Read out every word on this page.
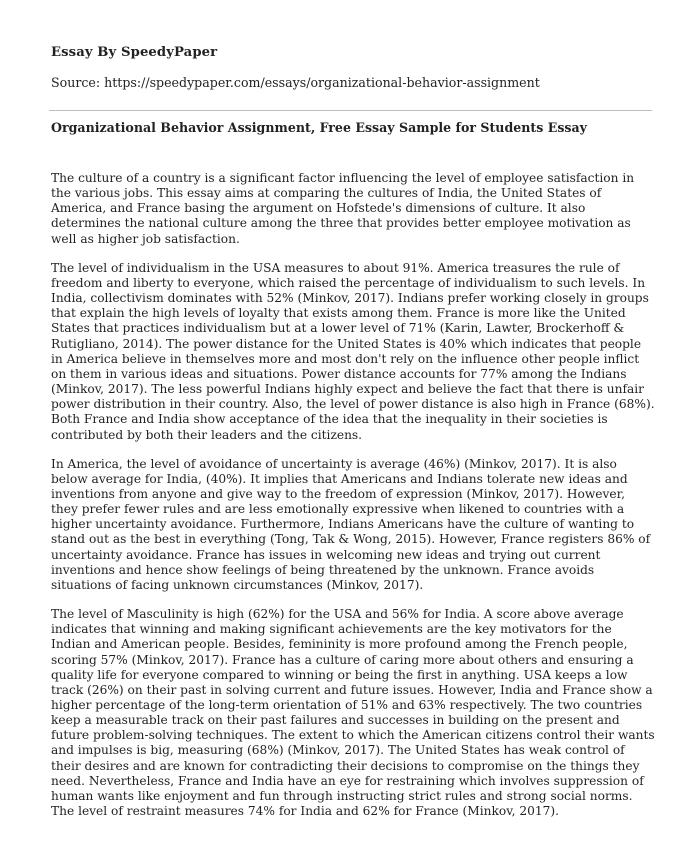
Essay By SpeedyPaper
Source: https://speedypaper.com/essays/organizational-behavior-assignment
Organizational Behavior Assignment, Free Essay Sample for Students Essay

The culture of a country is a significant factor influencing the level of employee satisfaction in the various jobs. This essay aims at comparing the cultures of India, the United States of America, and France basing the argument on Hofstede's dimensions of culture. It also determines the national culture among the three that provides better employee motivation as well as higher job satisfaction.

The level of individualism in the USA measures to about 91%. America treasures the rule of freedom and liberty to everyone, which raised the percentage of individualism to such levels. In India, collectivism dominates with 52% (Minkov, 2017). Indians prefer working closely in groups that explain the high levels of loyalty that exists among them. France is more like the United States that practices individualism but at a lower level of 71% (Karin, Lawter, Brockerhoff & Rutigliano, 2014). The power distance for the United States is 40% which indicates that people in America believe in themselves more and most don't rely on the influence other people inflict on them in various ideas and situations. Power distance accounts for 77% among the Indians (Minkov, 2017). The less powerful Indians highly expect and believe the fact that there is unfair power distribution in their country. Also, the level of power distance is also high in France (68%). Both France and India show acceptance of the idea that the inequality in their societies is contributed by both their leaders and the citizens.

In America, the level of avoidance of uncertainty is average (46%) (Minkov, 2017). It is also below average for India, (40%). It implies that Americans and Indians tolerate new ideas and inventions from anyone and give way to the freedom of expression (Minkov, 2017). However, they prefer fewer rules and are less emotionally expressive when likened to countries with a higher uncertainty avoidance. Furthermore, Indians Americans have the culture of wanting to stand out as the best in everything (Tong, Tak & Wong, 2015). However, France registers 86% of uncertainty avoidance. France has issues in welcoming new ideas and trying out current inventions and hence show feelings of being threatened by the unknown. France avoids situations of facing unknown circumstances (Minkov, 2017).

The level of Masculinity is high (62%) for the USA and 56% for India. A score above average indicates that winning and making significant achievements are the key motivators for the Indian and American people. Besides, femininity is more profound among the French people, scoring 57% (Minkov, 2017). France has a culture of caring more about others and ensuring a quality life for everyone compared to winning or being the first in anything. USA keeps a low track (26%) on their past in solving current and future issues. However, India and France show a higher percentage of the long-term orientation of 51% and 63% respectively. The two countries keep a measurable track on their past failures and successes in building on the present and future problem-solving techniques. The extent to which the American citizens control their wants and impulses is big, measuring (68%) (Minkov, 2017). The United States has weak control of their desires and are known for contradicting their decisions to compromise on the things they need. Nevertheless, France and India have an eye for restraining which involves suppression of human wants like enjoyment and fun through instructing strict rules and strong social norms. The level of restraint measures 74% for India and 62% for France (Minkov, 2017).
